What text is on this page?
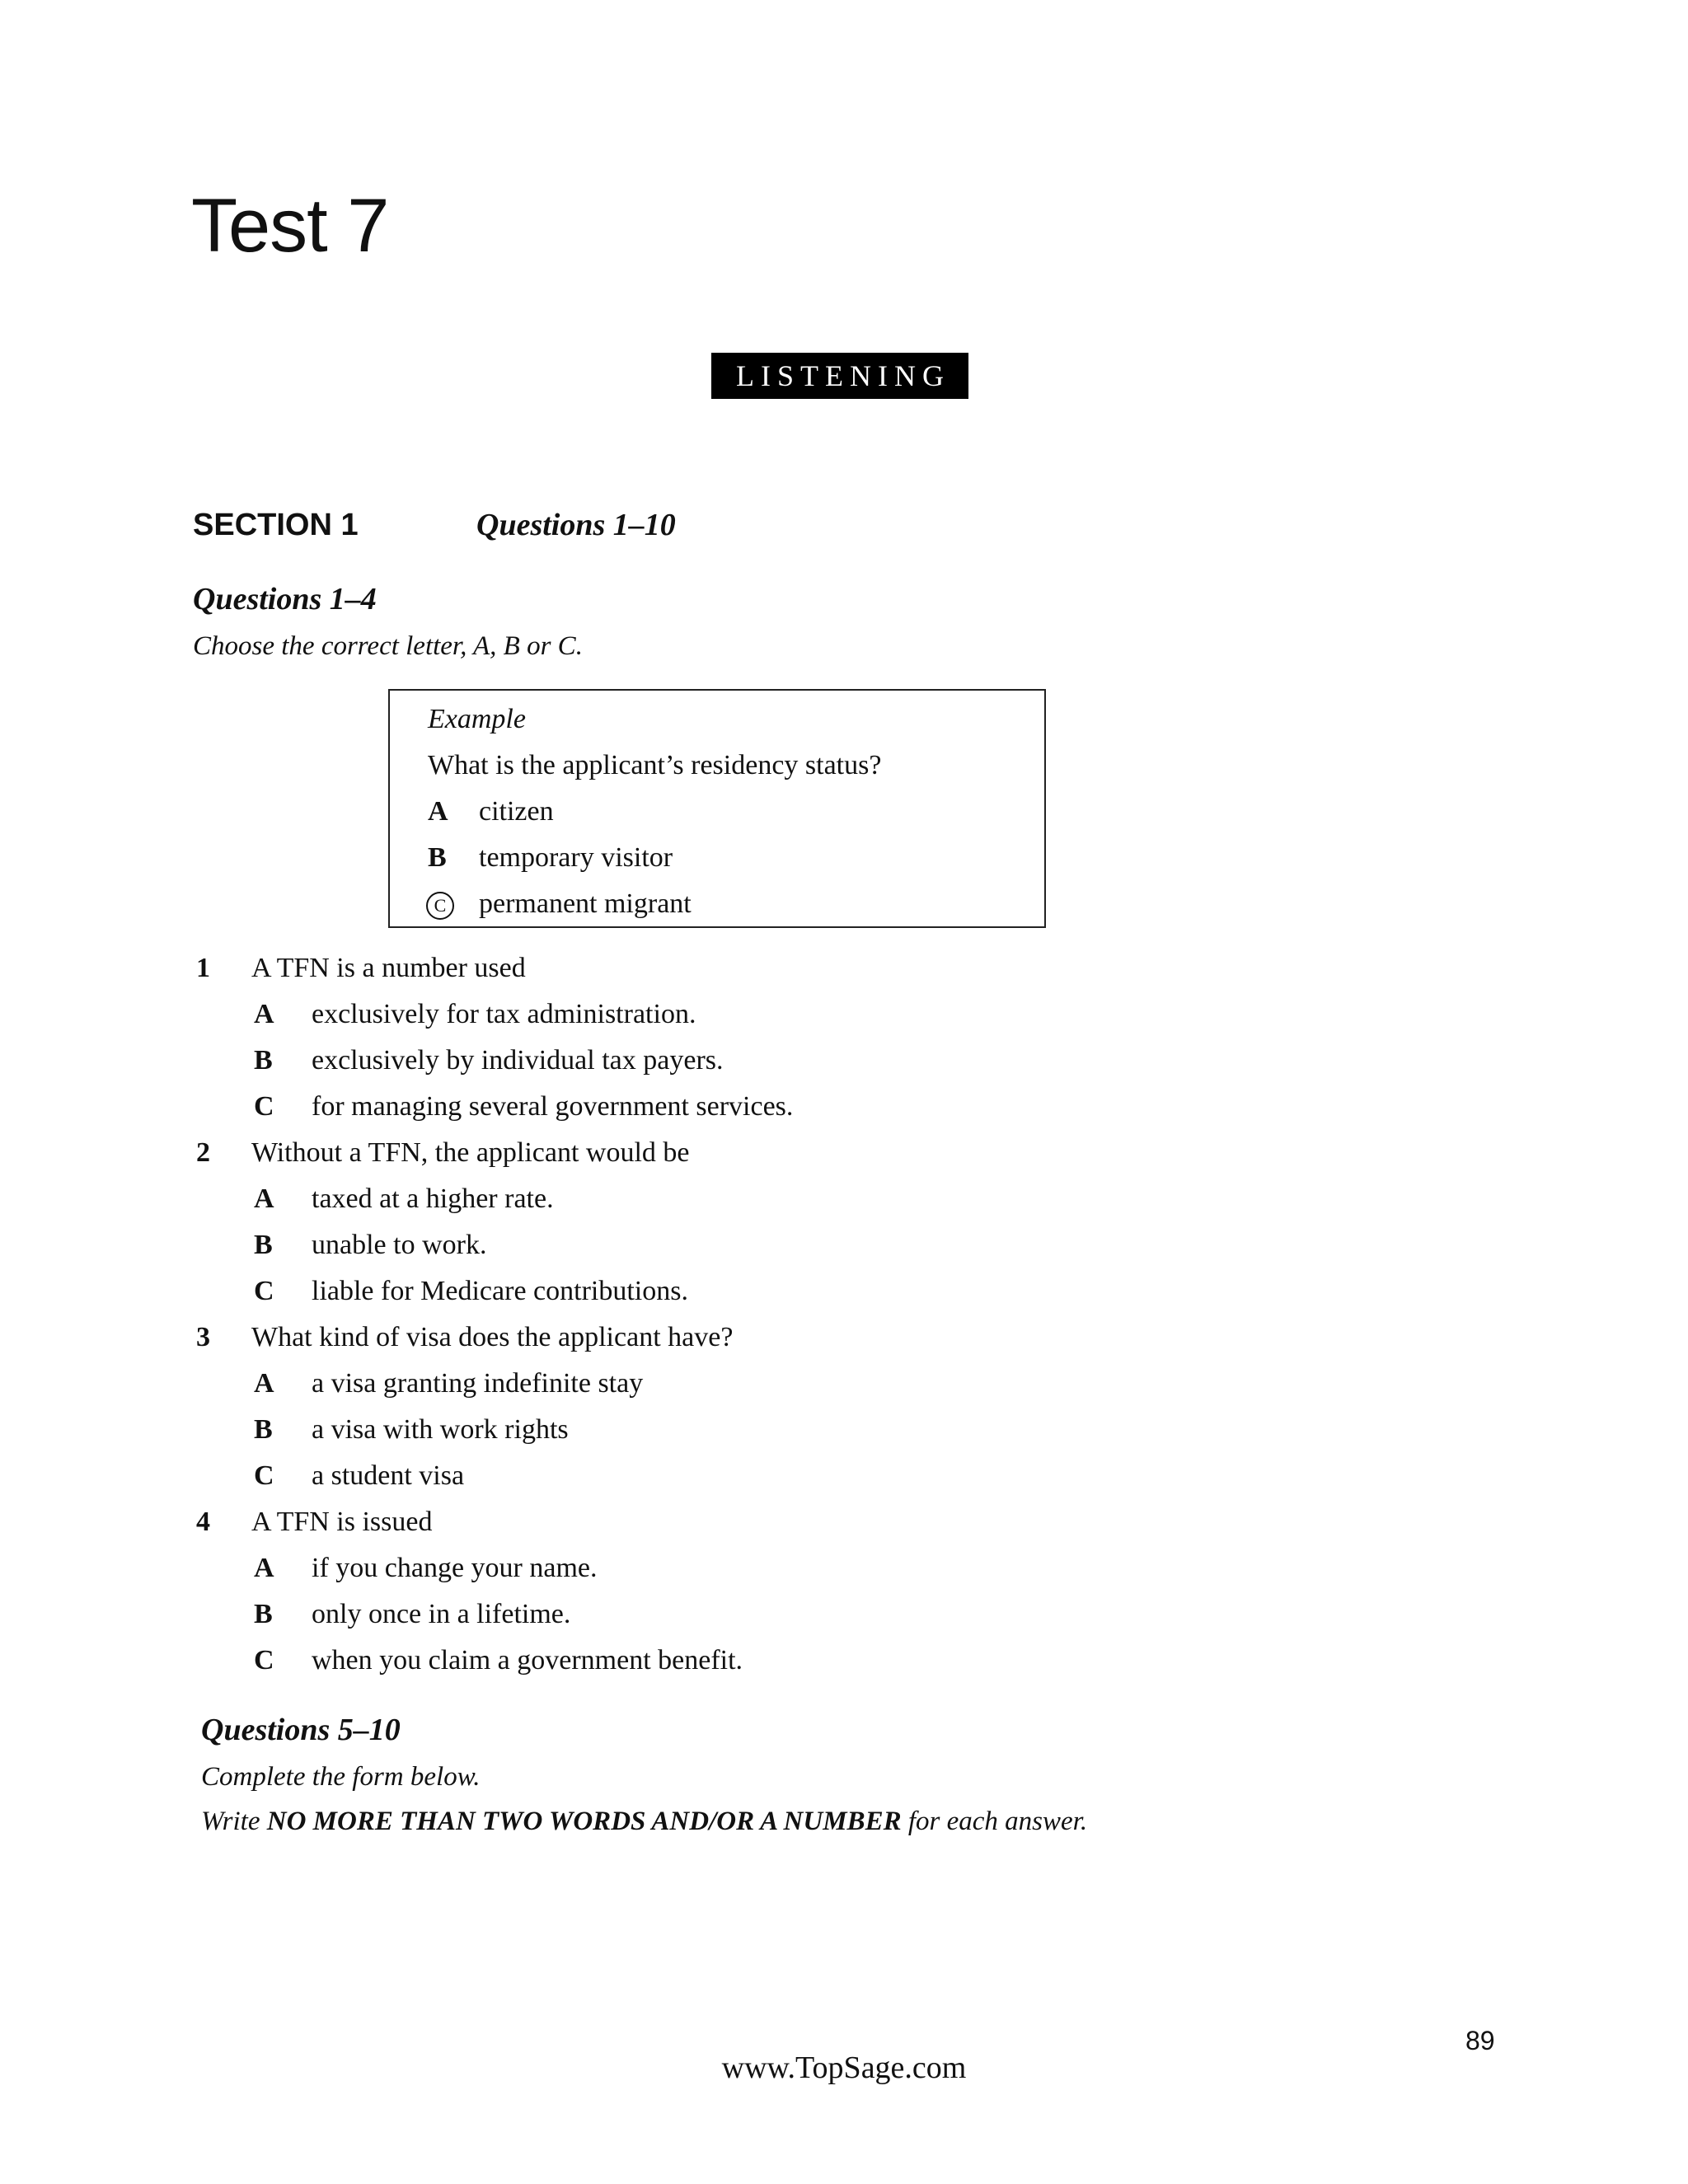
Test 7
LISTENING
SECTION 1	Questions 1–10
Questions 1–4
Choose the correct letter, A, B or C.
Example
What is the applicant’s residency status?
A	citizen
B	temporary visitor
C	permanent migrant
1 A TFN is a number used
A exclusively for tax administration.
B exclusively by individual tax payers.
C for managing several government services.
2 Without a TFN, the applicant would be
A taxed at a higher rate.
B unable to work.
C liable for Medicare contributions.
3 What kind of visa does the applicant have?
A a visa granting indefinite stay
B a visa with work rights
C a student visa
4 A TFN is issued
A if you change your name.
B only once in a lifetime.
C when you claim a government benefit.
Questions 5–10
Complete the form below.
Write NO MORE THAN TWO WORDS AND/OR A NUMBER for each answer.
89
www.TopSage.com
